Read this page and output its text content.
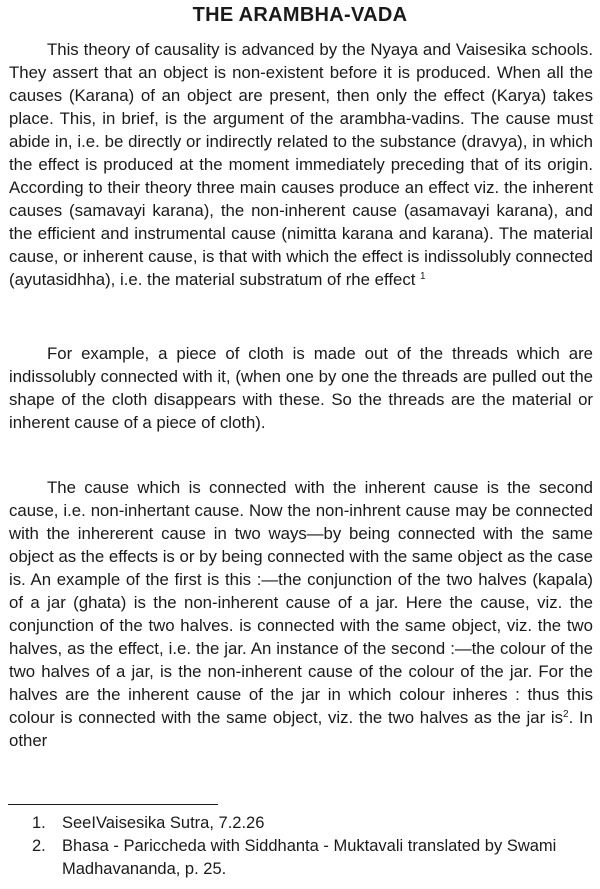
THE ARAMBHA-VADA

This theory of causality is advanced by the Nyaya and Vaisesika schools. They assert that an object is non-existent before it is produced. When all the causes (Karana) of an object are present, then only the effect (Karya) takes place. This, in brief, is the argument of the arambha-vadins. The cause must abide in, i.e. be directly or indirectly related to the substance (dravya), in which the effect is produced at the moment immediately preceding that of its origin. According to their theory three main causes produce an effect viz. the inherent causes (samavayi karana), the non-inherent cause (asamavayi karana), and the efficient and instrumental cause (nimitta karana and karana). The material cause, or inherent cause, is that with which the effect is indissolubly connected (ayutasidhha), i.e. the material substratum of rhe effect $^1$

For example, a piece of cloth is made out of the threads which are indissolubly connected with it, (when one by one the threads are pulled out the shape of the cloth disappears with these. So the threads are the material or inherent cause of a piece of cloth).

The cause which is connected with the inherent cause is the second cause, i.e. non-inhertant cause. Now the non-inhrent cause may be connected with the inhererent cause in two ways—by being connected with the same object as the effects is or by being connected with the same object as the case is. An example of the first is this :—the conjunction of the two halves (kapala) of a jar (ghata) is the non-inherent cause of a jar. Here the cause, viz. the conjunction of the two halves. is connected with the same object, viz. the two halves, as the effect, i.e. the jar. An instance of the second :—the colour of the two halves of a jar, is the non-inherent cause of the colour of the jar. For the halves are the inherent cause of the jar in which colour inheres : thus this colour is connected with the same object, viz. the two halves as the jar $is^2$. In other

1. SeeIVaisesika Sutra, 7.2.26
2. Bhasa - Pariccheda with Siddhanta - Muktavali translated by Swami Madhavananda, p. 25.
